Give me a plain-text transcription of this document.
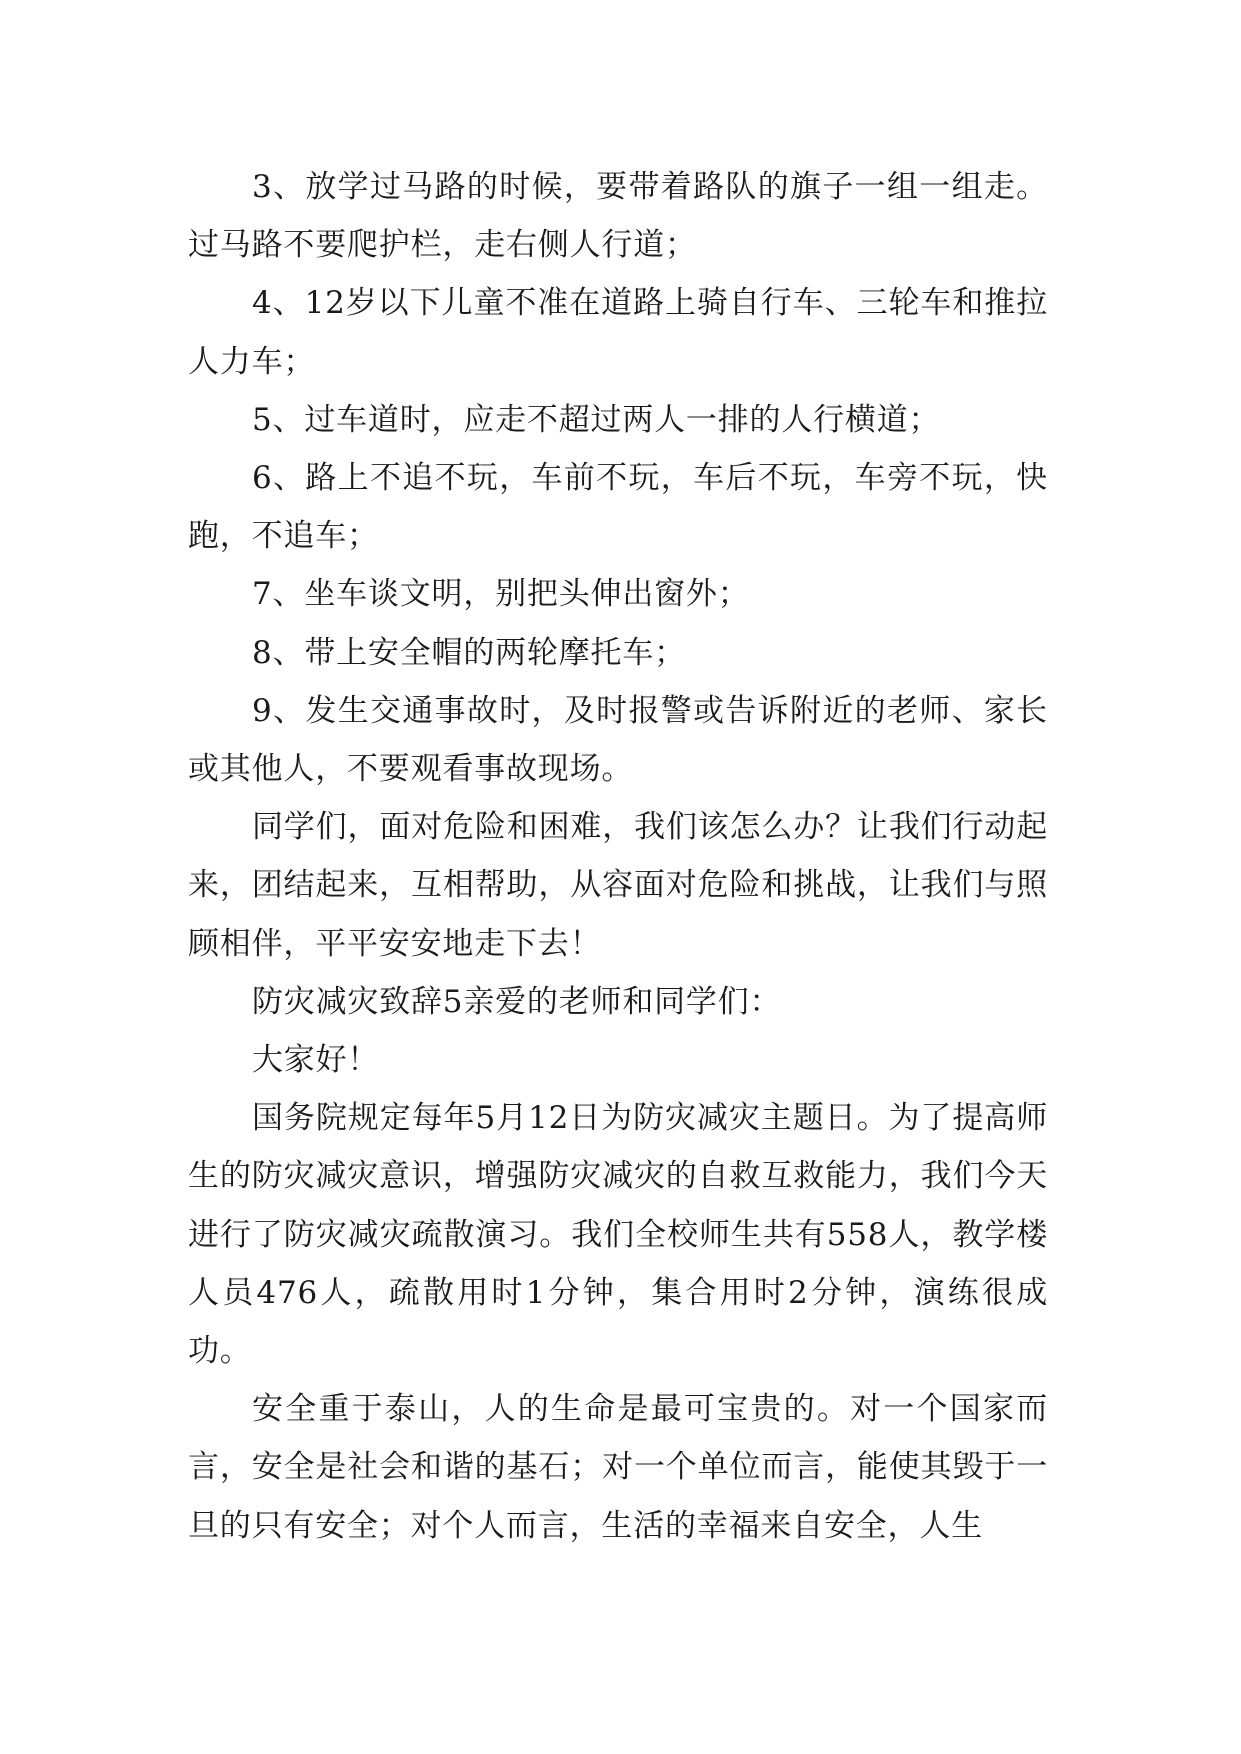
3、放学过马路的时候，要带着路队的旗子一组一组走。过马路不要爬护栏，走右侧人行道；

4、12岁以下儿童不准在道路上骑自行车、三轮车和推拉人力车；

5、过车道时，应走不超过两人一排的人行横道；

6、路上不追不玩，车前不玩，车后不玩，车旁不玩，快跑，不追车；

7、坐车谈文明，别把头伸出窗外；

8、带上安全帽的两轮摩托车；

9、发生交通事故时，及时报警或告诉附近的老师、家长或其他人，不要观看事故现场。

同学们，面对危险和困难，我们该怎么办？让我们行动起来，团结起来，互相帮助，从容面对危险和挑战，让我们与照顾相伴，平平安安地走下去！

防灾减灾致辞5亲爱的老师和同学们：

大家好！

国务院规定每年5月12日为防灾减灾主题日。为了提高师生的防灾减灾意识，增强防灾减灾的自救互救能力，我们今天进行了防灾减灾疏散演习。我们全校师生共有558人，教学楼人员476人，疏散用时1分钟，集合用时2分钟，演练很成功。

安全重于泰山，人的生命是最可宝贵的。对一个国家而言，安全是社会和谐的基石；对一个单位而言，能使其毁于一旦的只有安全；对个人而言，生活的幸福来自安全，人生
